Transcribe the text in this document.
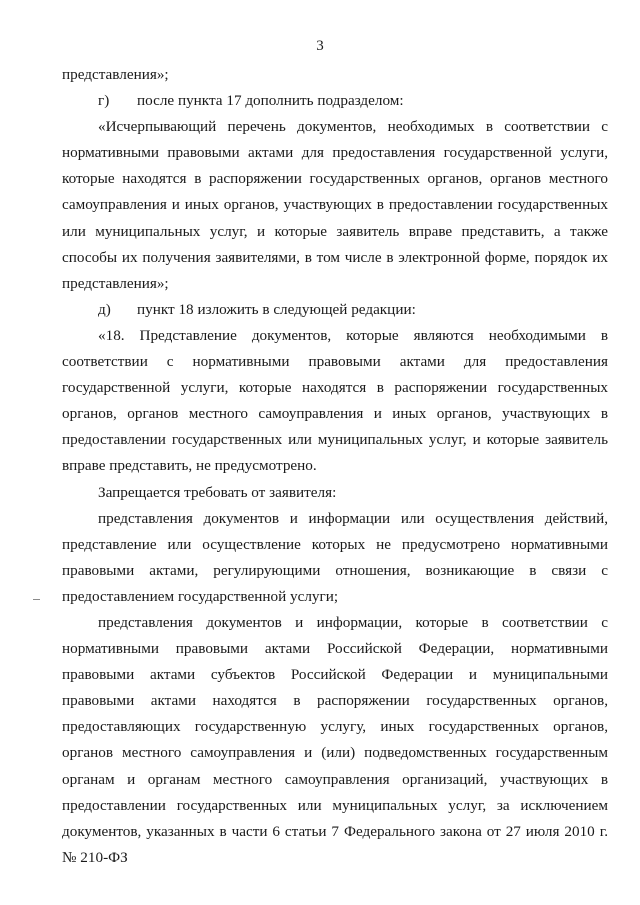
3

представления»;

г)	после пункта 17 дополнить подразделом:

«Исчерпывающий перечень документов, необходимых в соответствии с нормативными правовыми актами для предоставления государственной услуги, которые находятся в распоряжении государственных органов, органов местного самоуправления и иных органов, участвующих в предоставлении государственных или муниципальных услуг, и которые заявитель вправе представить, а также способы их получения заявителями, в том числе в электронной форме, порядок их представления»;

д)	пункт 18 изложить в следующей редакции:

«18. Представление документов, которые являются необходимыми в соответствии с нормативными правовыми актами для предоставления государственной услуги, которые находятся в распоряжении государственных органов, органов местного самоуправления и иных органов, участвующих в предоставлении государственных или муниципальных услуг, и которые заявитель вправе представить, не предусмотрено.

Запрещается требовать от заявителя:

представления документов и информации или осуществления действий, представление или осуществление которых не предусмотрено нормативными правовыми актами, регулирующими отношения, возникающие в связи с предоставлением государственной услуги;

представления документов и информации, которые в соответствии с нормативными правовыми актами Российской Федерации, нормативными правовыми актами субъектов Российской Федерации и муниципальными правовыми актами находятся в распоряжении государственных органов, предоставляющих государственную услугу, иных государственных органов, органов местного самоуправления и (или) подведомственных государственным органам и органам местного самоуправления организаций, участвующих в предоставлении государственных или муниципальных услуг, за исключением документов, указанных в части 6 статьи 7 Федерального закона от 27 июля 2010 г. № 210-ФЗ
